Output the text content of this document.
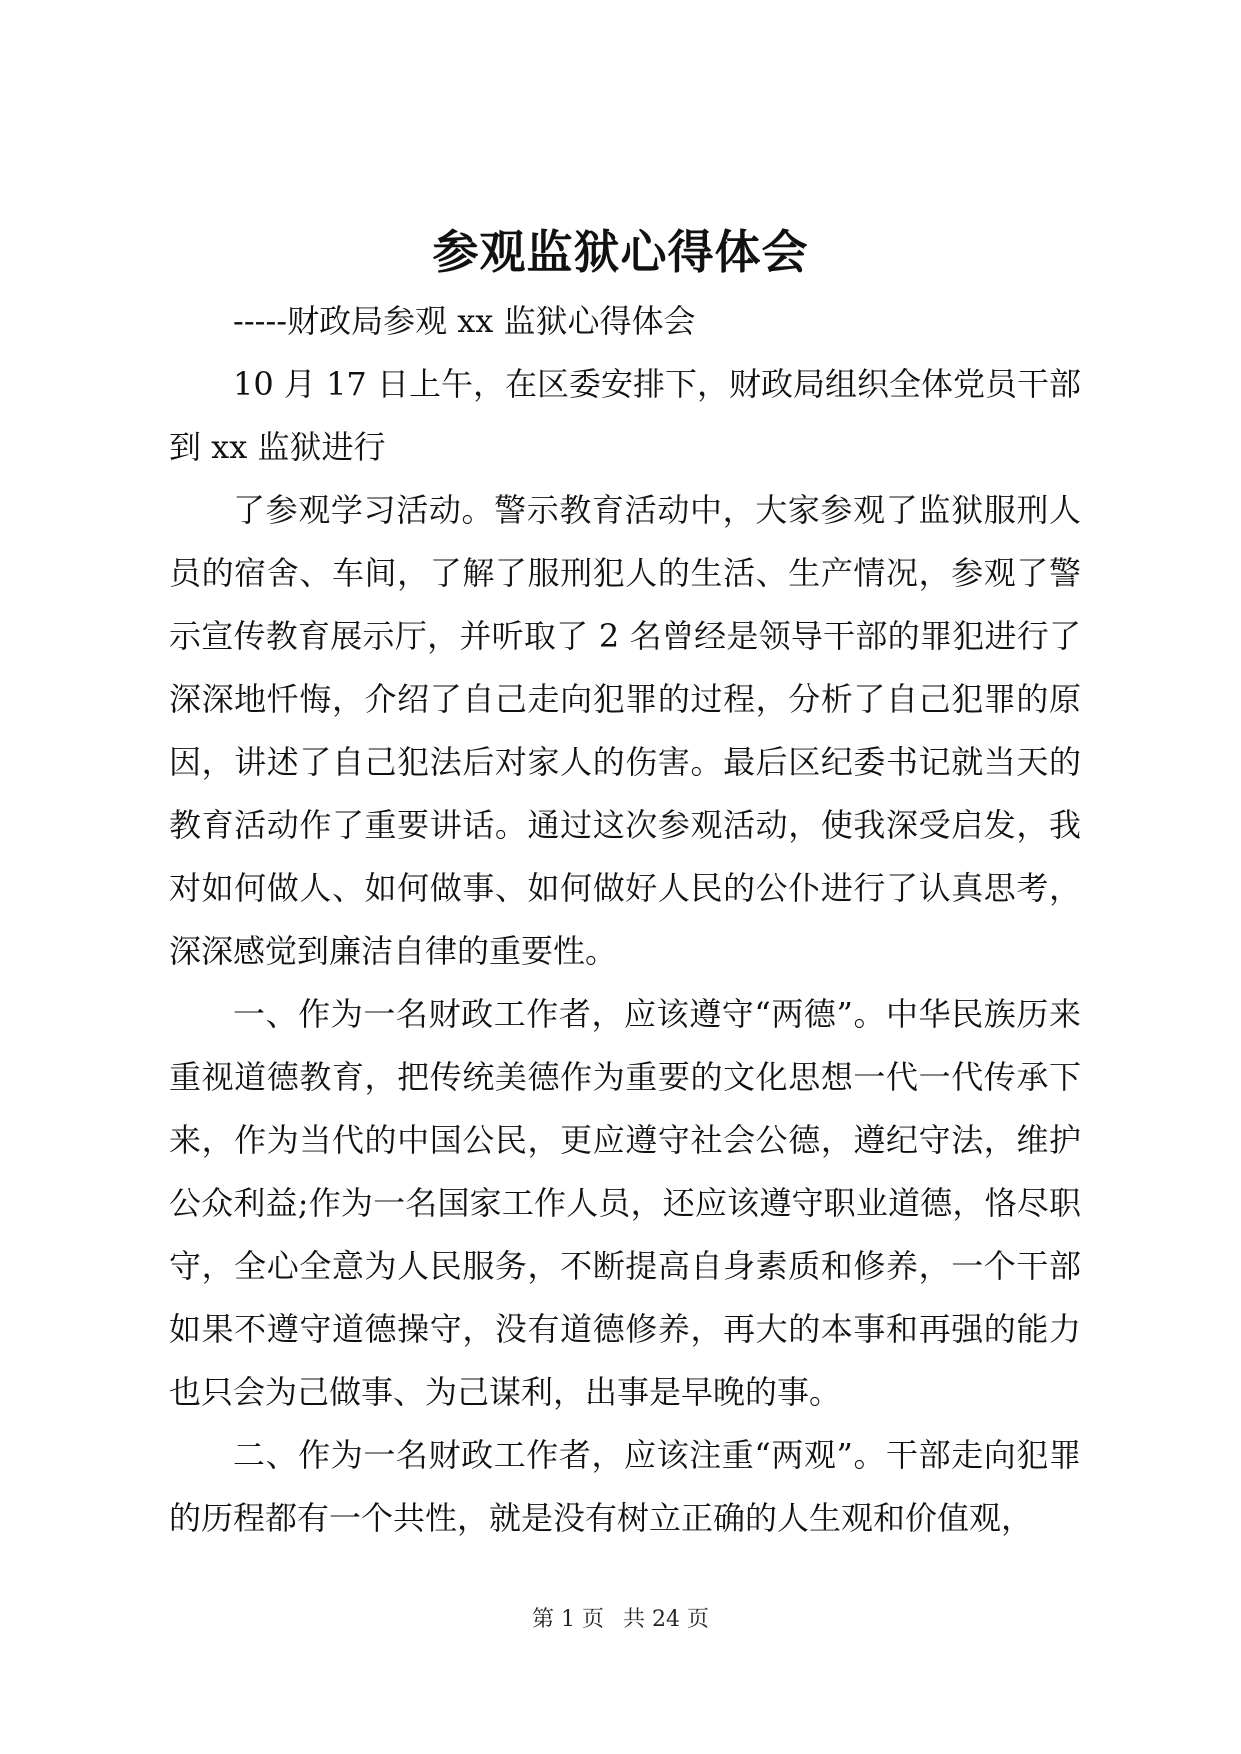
参观监狱心得体会

-----财政局参观 xx 监狱心得体会

10 月 17 日上午，在区委安排下，财政局组织全体党员干部到 xx 监狱进行

了参观学习活动。警示教育活动中，大家参观了监狱服刑人员的宿舍、车间，了解了服刑犯人的生活、生产情况，参观了警示宣传教育展示厅，并听取了 2 名曾经是领导干部的罪犯进行了深深地忏悔，介绍了自己走向犯罪的过程，分析了自己犯罪的原因，讲述了自己犯法后对家人的伤害。最后区纪委书记就当天的教育活动作了重要讲话。通过这次参观活动，使我深受启发，我对如何做人、如何做事、如何做好人民的公仆进行了认真思考，深深感觉到廉洁自律的重要性。

一、作为一名财政工作者，应该遵守“两德”。中华民族历来重视道德教育，把传统美德作为重要的文化思想一代一代传承下来，作为当代的中国公民，更应遵守社会公德，遵纪守法，维护公众利益;作为一名国家工作人员，还应该遵守职业道德，恪尽职守，全心全意为人民服务，不断提高自身素质和修养，一个干部如果不遵守道德操守，没有道德修养，再大的本事和再强的能力也只会为己做事、为己谋利，出事是早晚的事。

二、作为一名财政工作者，应该注重“两观”。干部走向犯罪的历程都有一个共性，就是没有树立正确的人生观和价值观，

第 1 页 共 24 页
